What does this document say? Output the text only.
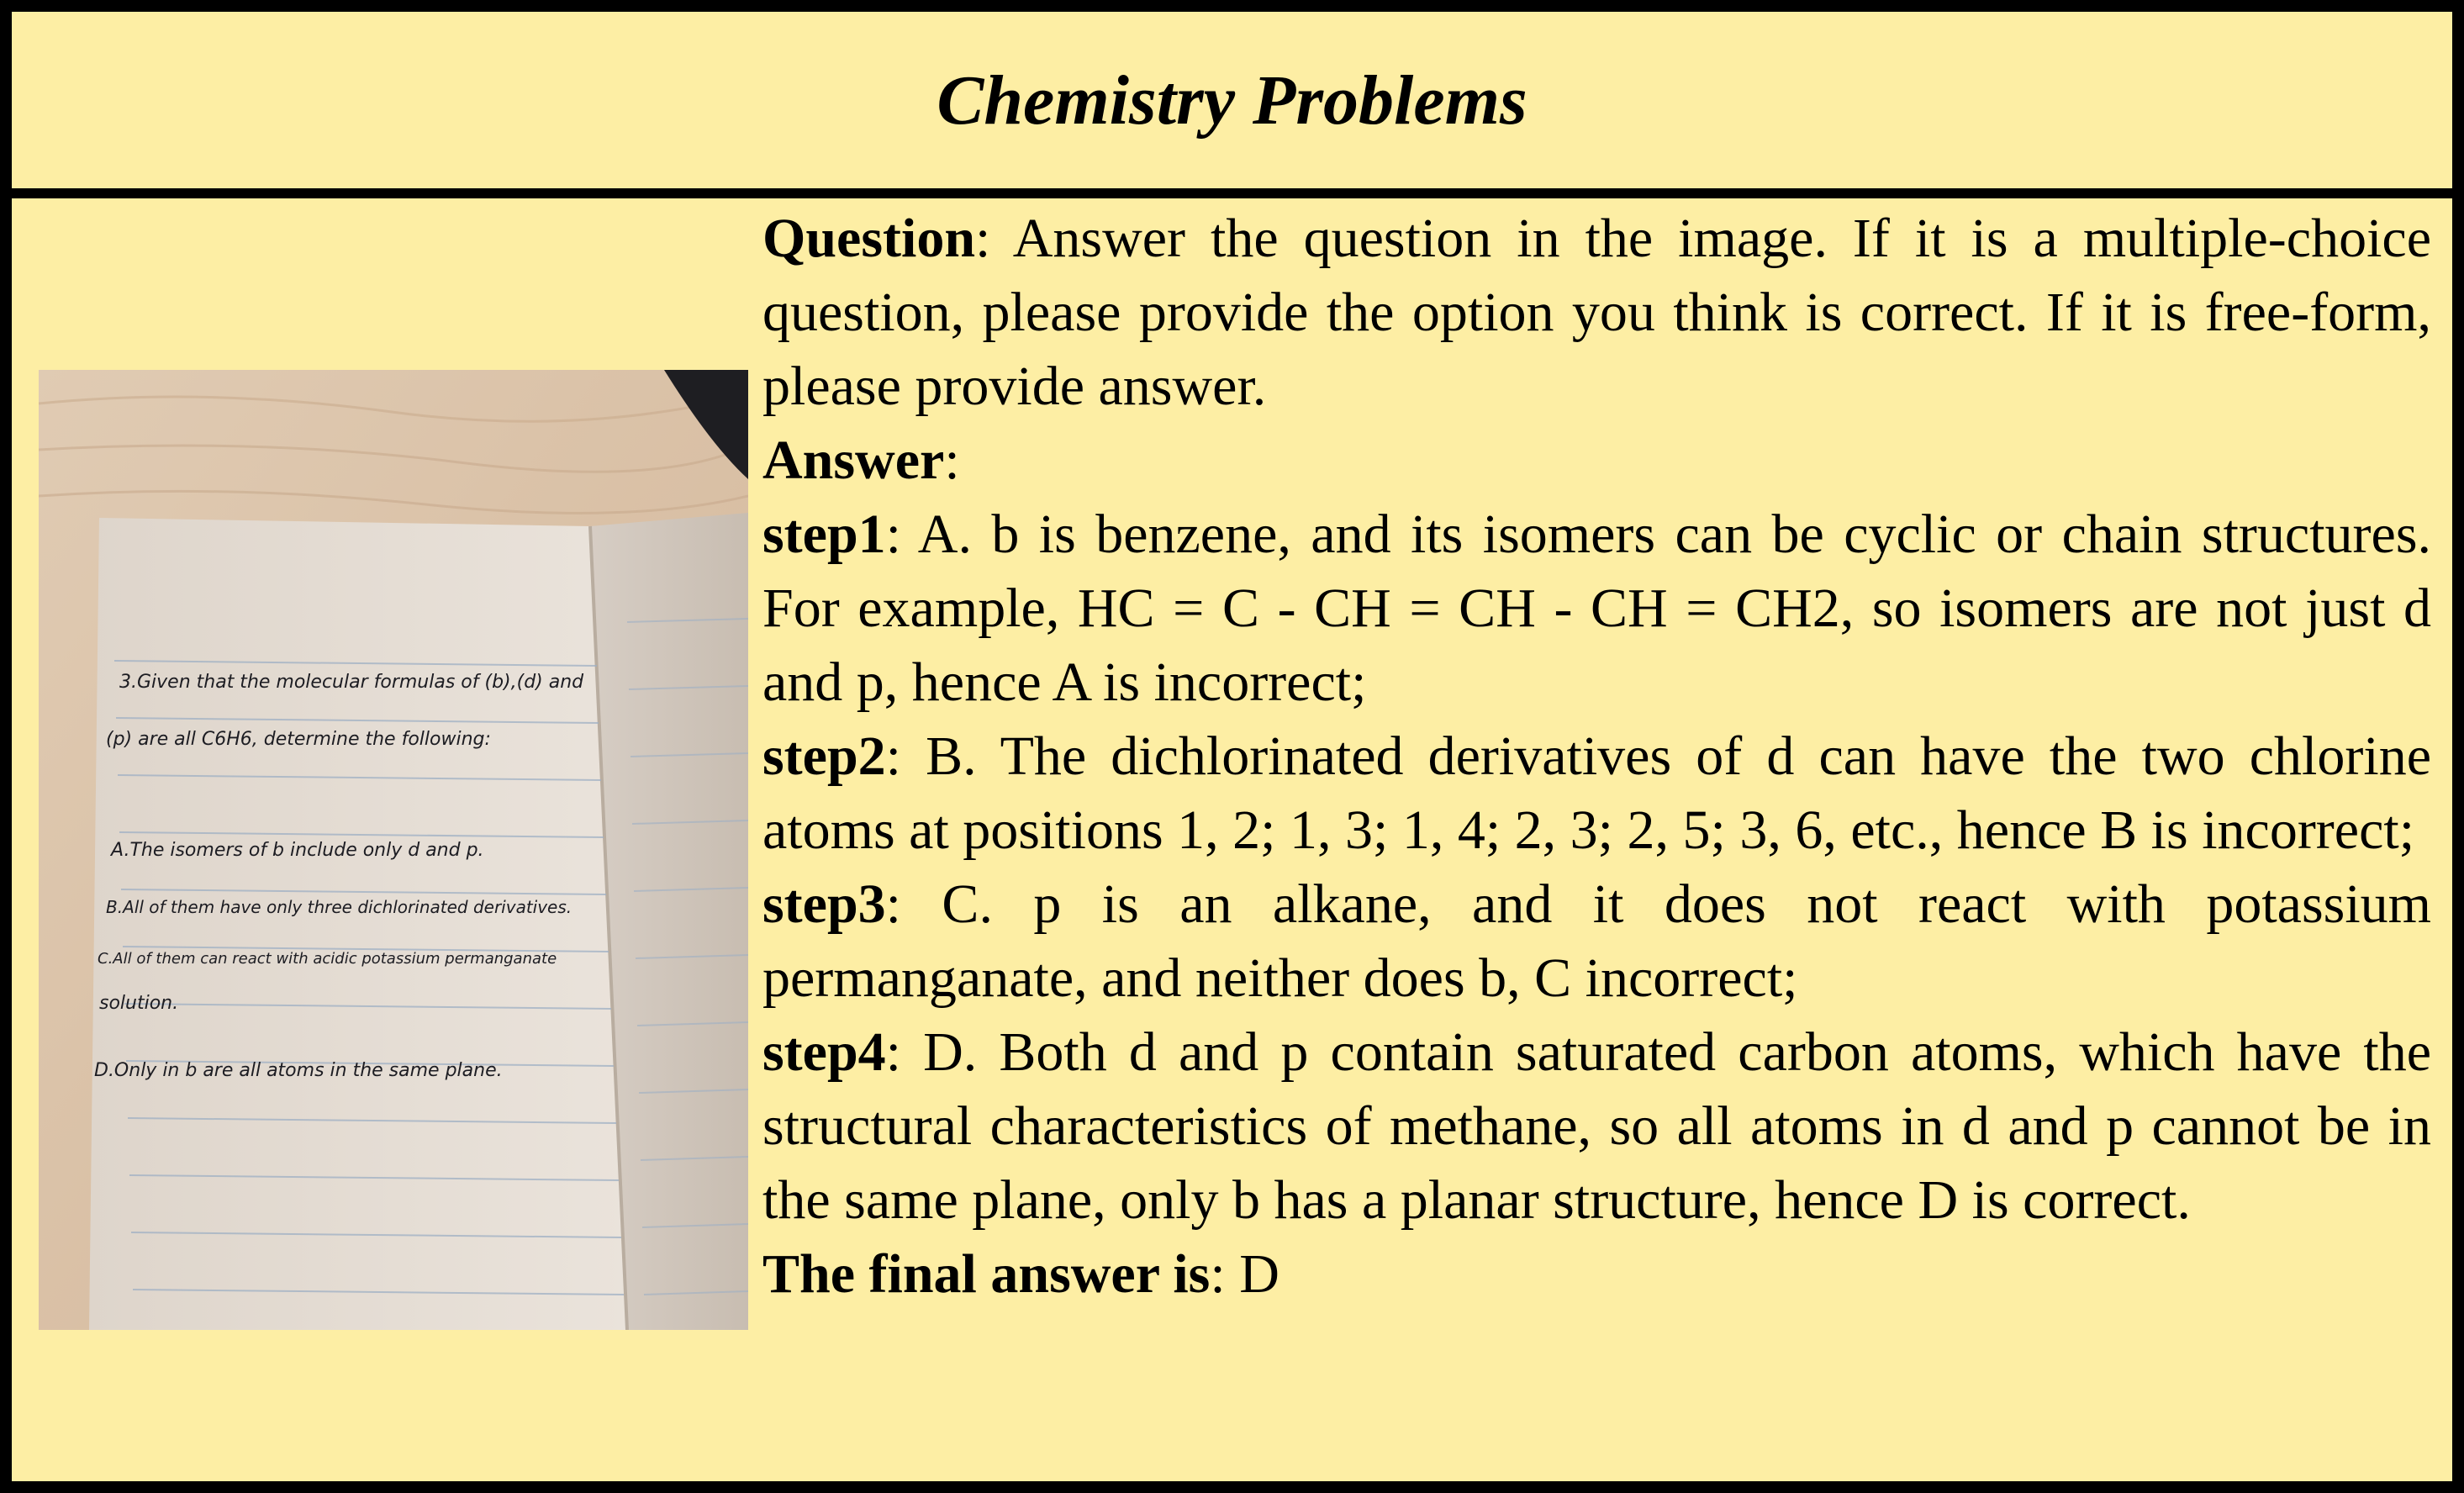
Chemistry Problems
3.Given that the molecular formulas of (b),(d) and
(p) are all C6H6, determine the following:
A.The isomers of b include only d and p.
B.All of them have only three dichlorinated derivatives.
C.All of them can react with acidic potassium permanganate
solution.
D.Only in b are all atoms in the same plane.

Question: Answer the question in the image. If it is a multiple-choice question, please provide the option you think is correct. If it is free-form, please provide answer.

Answer:

step1: A. b is benzene, and its isomers can be cyclic or chain structures. For example, HC = C - CH = CH - CH = CH2, so isomers are not just d and p, hence A is incorrect;

step2: B. The dichlorinated derivatives of d can have the two chlorine atoms at positions 1, 2; 1, 3; 1, 4; 2, 3; 2, 5; 3, 6, etc., hence B is incorrect;

step3: C. p is an alkane, and it does not react with potassium permanganate, and neither does b, C incorrect;

step4: D. Both d and p contain saturated carbon atoms, which have the structural characteristics of methane, so all atoms in d and p cannot be in the same plane, only b has a planar structure, hence D is correct.

The final answer is: D
